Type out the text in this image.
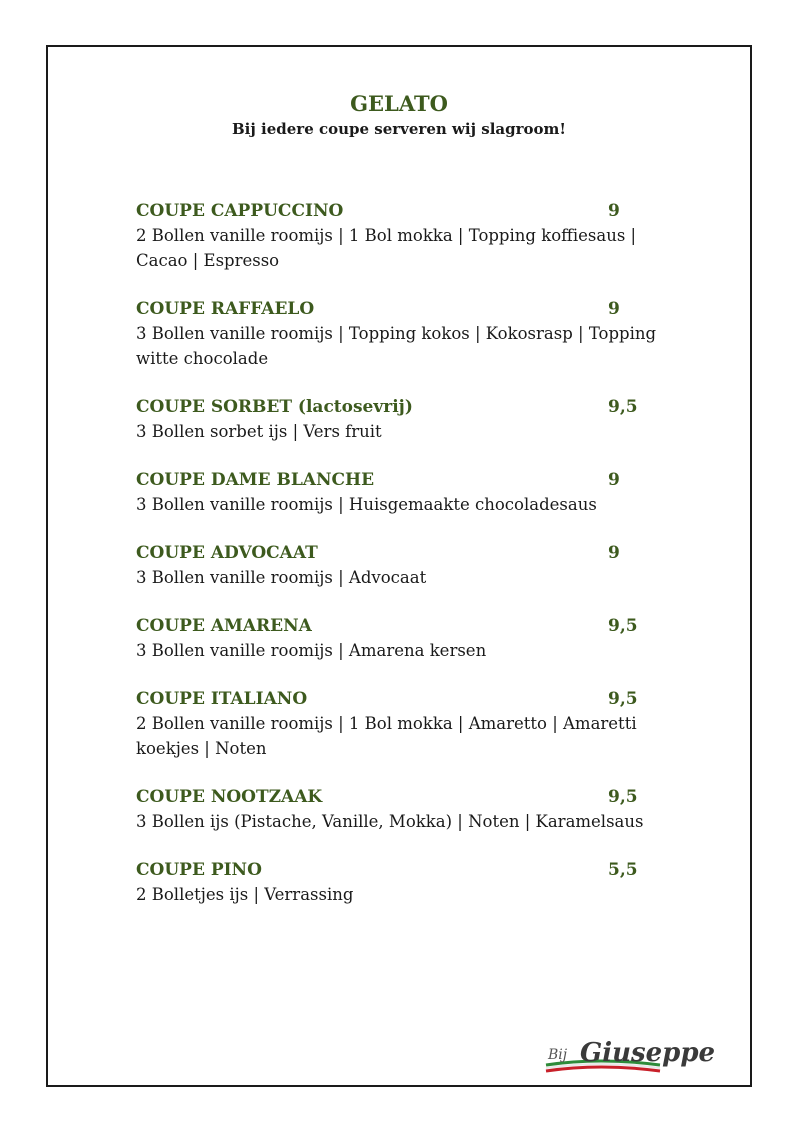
GELATO
Bij iedere coupe serveren wij slagroom!
COUPE CAPPUCCINO	9
2 Bollen vanille roomijs | 1 Bol mokka | Topping koffiesaus | Cacao | Espresso
COUPE RAFFAELO	9
3 Bollen vanille roomijs | Topping kokos | Kokosrasp | Topping witte chocolade
COUPE SORBET (lactosevrij)	9,5
3 Bollen sorbet ijs | Vers fruit
COUPE DAME BLANCHE	9
3 Bollen vanille roomijs | Huisgemaakte chocoladesaus
COUPE ADVOCAAT	9
3 Bollen vanille roomijs | Advocaat
COUPE AMARENA	9,5
3 Bollen vanille roomijs | Amarena kersen
COUPE ITALIANO	9,5
2 Bollen vanille roomijs | 1 Bol mokka | Amaretto | Amaretti koekjes | Noten
COUPE NOOTZAAK	9,5
3 Bollen ijs (Pistache, Vanille, Mokka) | Noten | Karamelsaus
COUPE PINO	5,5
2 Bolletjes ijs | Verrassing
Bij Giuseppe
